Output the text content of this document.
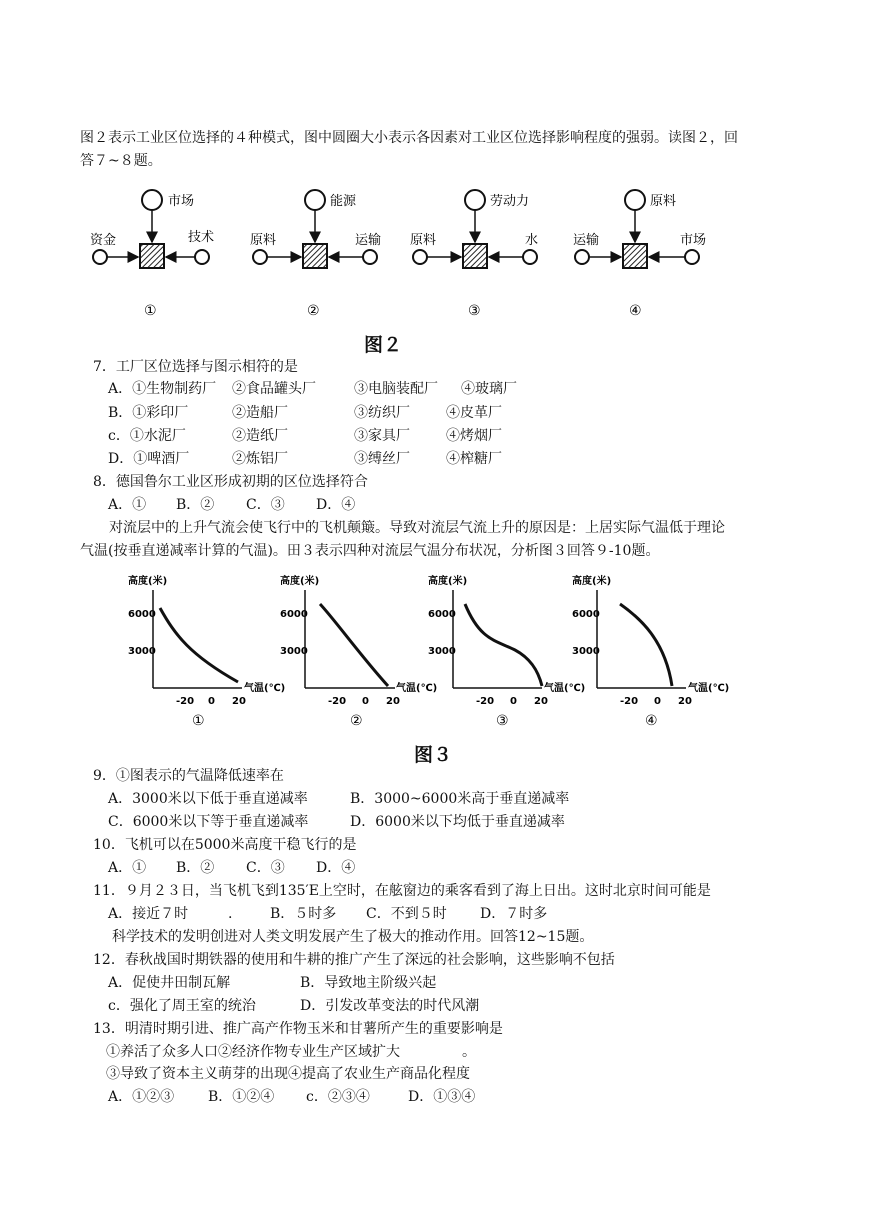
图２表示工业区位选择的４种模式，图中圆圈大小表示各因素对工业区位选择影响程度的强弱。读图２，回
答７~８题。
市场
资金	技术
①
能源
原料	运输
②
劳动力
原料	水
③
原料
运输	市场
④
图２
7．工厂区位选择与图示相符的是
A．①生物制药厂 ②食品罐头厂	③电脑装配厂 ④玻璃厂
B．①彩印厂	②造船厂	③纺织厂	④皮革厂
c．①水泥厂	②造纸厂	③家具厂	④烤烟厂
D．①啤酒厂	②炼铝厂	③缚丝厂	④榨糖厂
8．德国鲁尔工业区形成初期的区位选择符合
A．① B．② C．③ D．④
对流层中的上升气流会使飞行中的飞机颠簸。导致对流层气流上升的原因是：上居实际气温低于理论
气温(按垂直递减率计算的气温)。田３表示四种对流层气温分布状况，分析图３回答９-10题。
高度(米)
6000
3000
气温(℃)
-20 0 20
①
高度(米)
6000
3000
气温(℃)
-20 0 20
②
高度(米)
6000
3000
气温(℃)
-20 0 20
③
高度(米)
6000
3000
气温(℃)
-20 0 20
④
图３
9．①图表示的气温降低速率在
A．3000米以下低于垂直递减率	B．3000~6000米高于垂直递减率
C．6000米以下等于垂直递减率	D．6000米以下均低于垂直递减率
10．飞机可以在5000米高度干稳飞行的是
A．① B．② C．③ D．④
11．９月２３日，当飞机飞到135′E上空时，在舷窗边的乘客看到了海上日出。这时北京时间可能是
A．接近７时	.	B．５时多 C．不到５时 D．７时多
科学技术的发明创进对人类文明发展产生了极大的推动作用。回答12~15题。
12．春秋战国时期铁器的使用和牛耕的推广产生了深远的社会影响，这些影响不包括
A．促使井田制瓦解	B．导致地主阶级兴起
c．强化了周王室的统治	D．引发改革变法的时代风潮
13．明清时期引进、推广高产作物玉米和甘薯所产生的重要影响是
①养活了众多人口②经济作物专业生产区域扩大	。
③导致了资本主义萌芽的出现④提高了农业生产商品化程度
A．①②③ B．①②④ c．②③④	D．①③④
